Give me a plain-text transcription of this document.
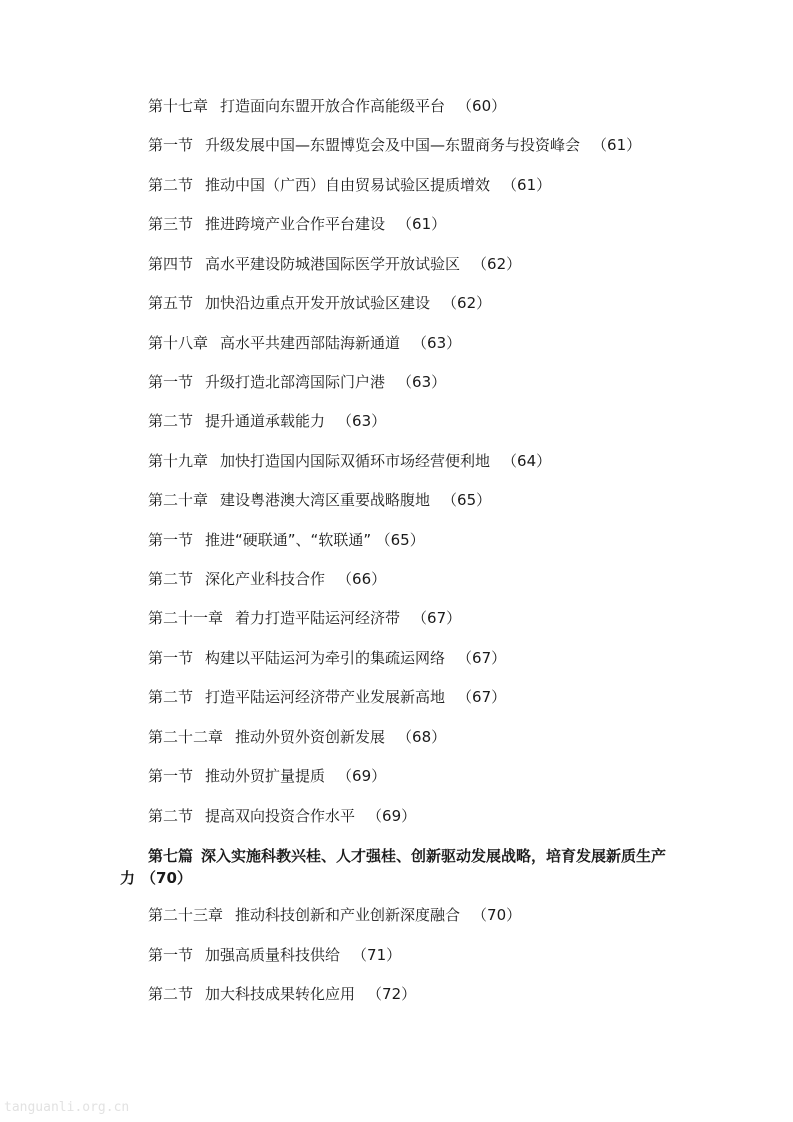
第十七章 打造面向东盟开放合作高能级平台 （60）
第一节 升级发展中国—东盟博览会及中国—东盟商务与投资峰会 （61）
第二节 推动中国（广西）自由贸易试验区提质增效 （61）
第三节 推进跨境产业合作平台建设 （61）
第四节 高水平建设防城港国际医学开放试验区 （62）
第五节 加快沿边重点开发开放试验区建设 （62）
第十八章 高水平共建西部陆海新通道 （63）
第一节 升级打造北部湾国际门户港 （63）
第二节 提升通道承载能力 （63）
第十九章 加快打造国内国际双循环市场经营便利地 （64）
第二十章 建设粤港澳大湾区重要战略腹地 （65）
第一节 推进“硬联通”、“软联通” （65）
第二节 深化产业科技合作 （66）
第二十一章 着力打造平陆运河经济带 （67）
第一节 构建以平陆运河为牵引的集疏运网络 （67）
第二节 打造平陆运河经济带产业发展新高地 （67）
第二十二章 推动外贸外资创新发展 （68）
第一节 推动外贸扩量提质 （69）
第二节 提高双向投资合作水平 （69）
第七篇 深入实施科教兴桂、人才强桂、创新驱动发展战略，培育发展新质生产力 （70）
第二十三章 推动科技创新和产业创新深度融合 （70）
第一节 加强高质量科技供给 （71）
第二节 加大科技成果转化应用 （72）
tanguanli.org.cn
